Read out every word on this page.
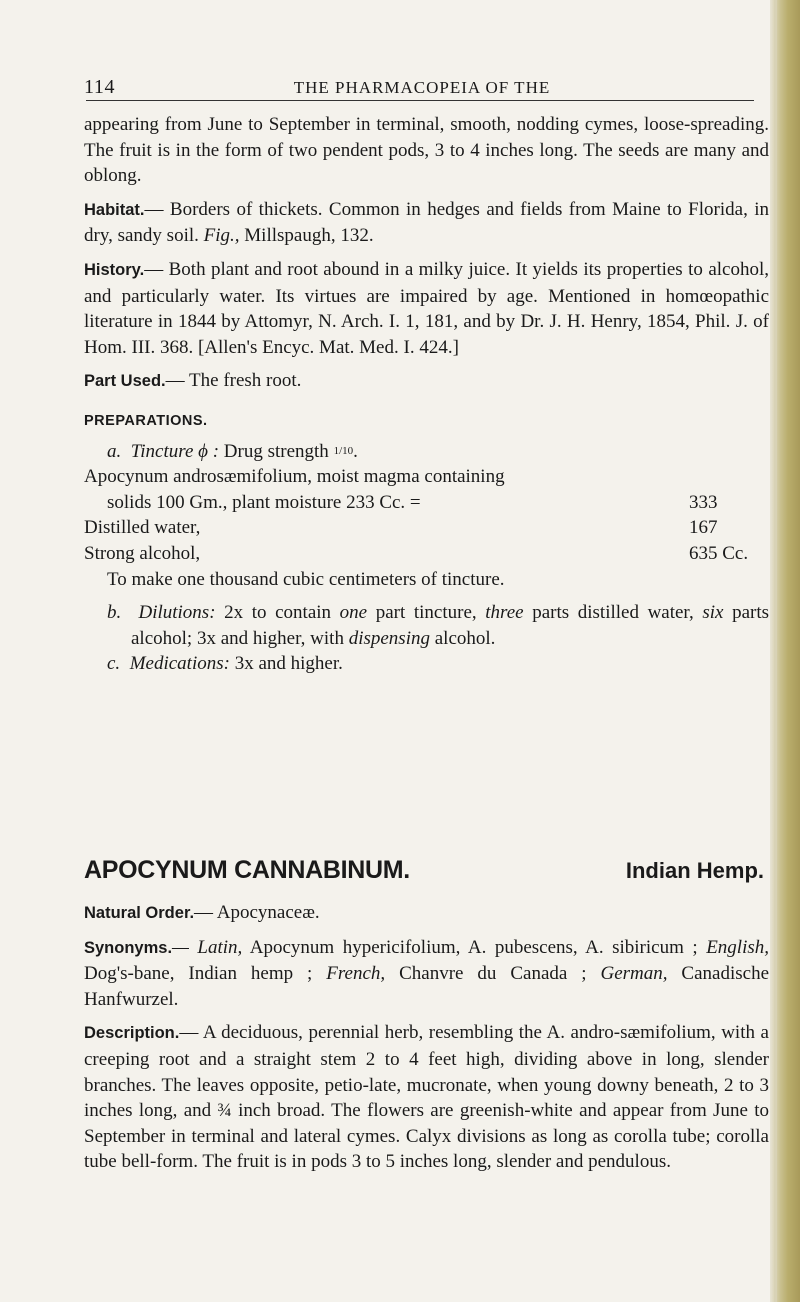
114	THE PHARMACOPEIA OF THE

appearing from June to September in terminal, smooth, nodding cymes, loose-spreading. The fruit is in the form of two pendent pods, 3 to 4 inches long. The seeds are many and oblong.

Habitat.— Borders of thickets. Common in hedges and fields from Maine to Florida, in dry, sandy soil. Fig., Millspaugh, 132.

History.— Both plant and root abound in a milky juice. It yields its properties to alcohol, and particularly water. Its virtues are impaired by age. Mentioned in homœopathic literature in 1844 by Attomyr, N. Arch. I. 1, 181, and by Dr. J. H. Henry, 1854, Phil. J. of Hom. III. 368. [Allen's Encyc. Mat. Med. I. 424.]

Part Used.— The fresh root.

PREPARATIONS.
a. Tincture ϕ : Drug strength 1/10.
Apocynum androsæmifolium, moist magma containing
solids 100 Gm., plant moisture 233 Cc. =	333
Distilled water,	167
Strong alcohol,	635 Cc.
To make one thousand cubic centimeters of tincture.

b. Dilutions: 2x to contain one part tincture, three parts distilled water, six parts alcohol; 3x and higher, with dispensing alcohol.

c. Medications: 3x and higher.

APOCYNUM CANNABINUM.	Indian Hemp.

Natural Order.— Apocynaceæ.

Synonyms.— Latin, Apocynum hypericifolium, A. pubescens, A. sibiricum ; English, Dog's-bane, Indian hemp ; French, Chanvre du Canada ; German, Canadische Hanfwurzel.

Description.— A deciduous, perennial herb, resembling the A. andro-sæmifolium, with a creeping root and a straight stem 2 to 4 feet high, dividing above in long, slender branches. The leaves opposite, petio-late, mucronate, when young downy beneath, 2 to 3 inches long, and ¾ inch broad. The flowers are greenish-white and appear from June to September in terminal and lateral cymes. Calyx divisions as long as corolla tube; corolla tube bell-form. The fruit is in pods 3 to 5 inches long, slender and pendulous.
